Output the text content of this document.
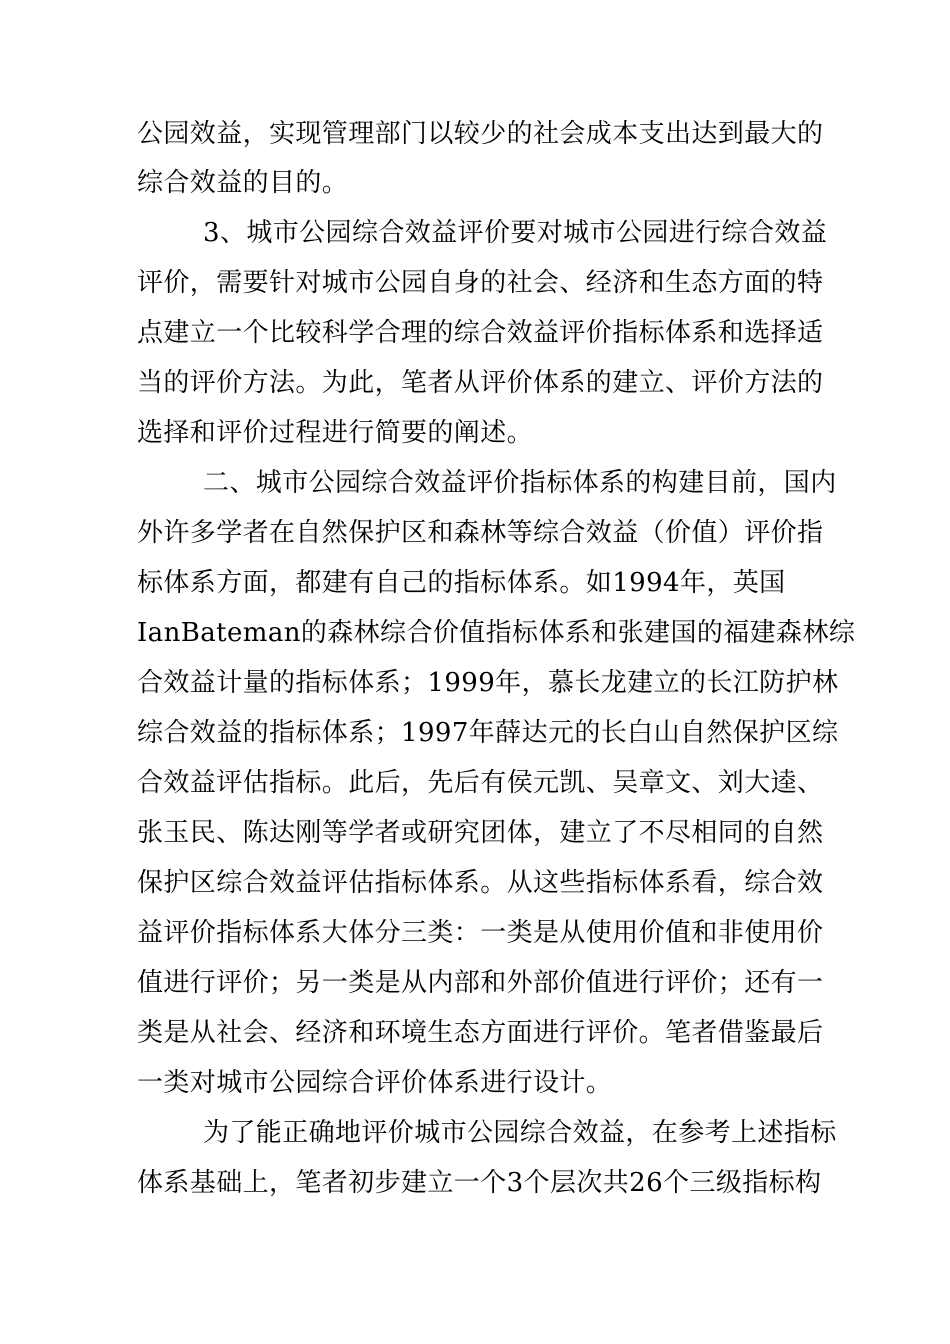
公园效益，实现管理部门以较少的社会成本支出达到最大的
综合效益的目的。
3、城市公园综合效益评价要对城市公园进行综合效益
评价，需要针对城市公园自身的社会、经济和生态方面的特
点建立一个比较科学合理的综合效益评价指标体系和选择适
当的评价方法。为此，笔者从评价体系的建立、评价方法的
选择和评价过程进行简要的阐述。
二、城市公园综合效益评价指标体系的构建目前，国内
外许多学者在自然保护区和森林等综合效益（价值）评价指
标体系方面，都建有自己的指标体系。如1994年，英国
IanBateman的森林综合价值指标体系和张建国的福建森林综
合效益计量的指标体系；1999年，慕长龙建立的长江防护林
综合效益的指标体系；1997年薛达元的长白山自然保护区综
合效益评估指标。此后，先后有侯元凯、吴章文、刘大逵、
张玉民、陈达刚等学者或研究团体，建立了不尽相同的自然
保护区综合效益评估指标体系。从这些指标体系看，综合效
益评价指标体系大体分三类：一类是从使用价值和非使用价
值进行评价；另一类是从内部和外部价值进行评价；还有一
类是从社会、经济和环境生态方面进行评价。笔者借鉴最后
一类对城市公园综合评价体系进行设计。
为了能正确地评价城市公园综合效益，在参考上述指标
体系基础上，笔者初步建立一个3个层次共26个三级指标构
